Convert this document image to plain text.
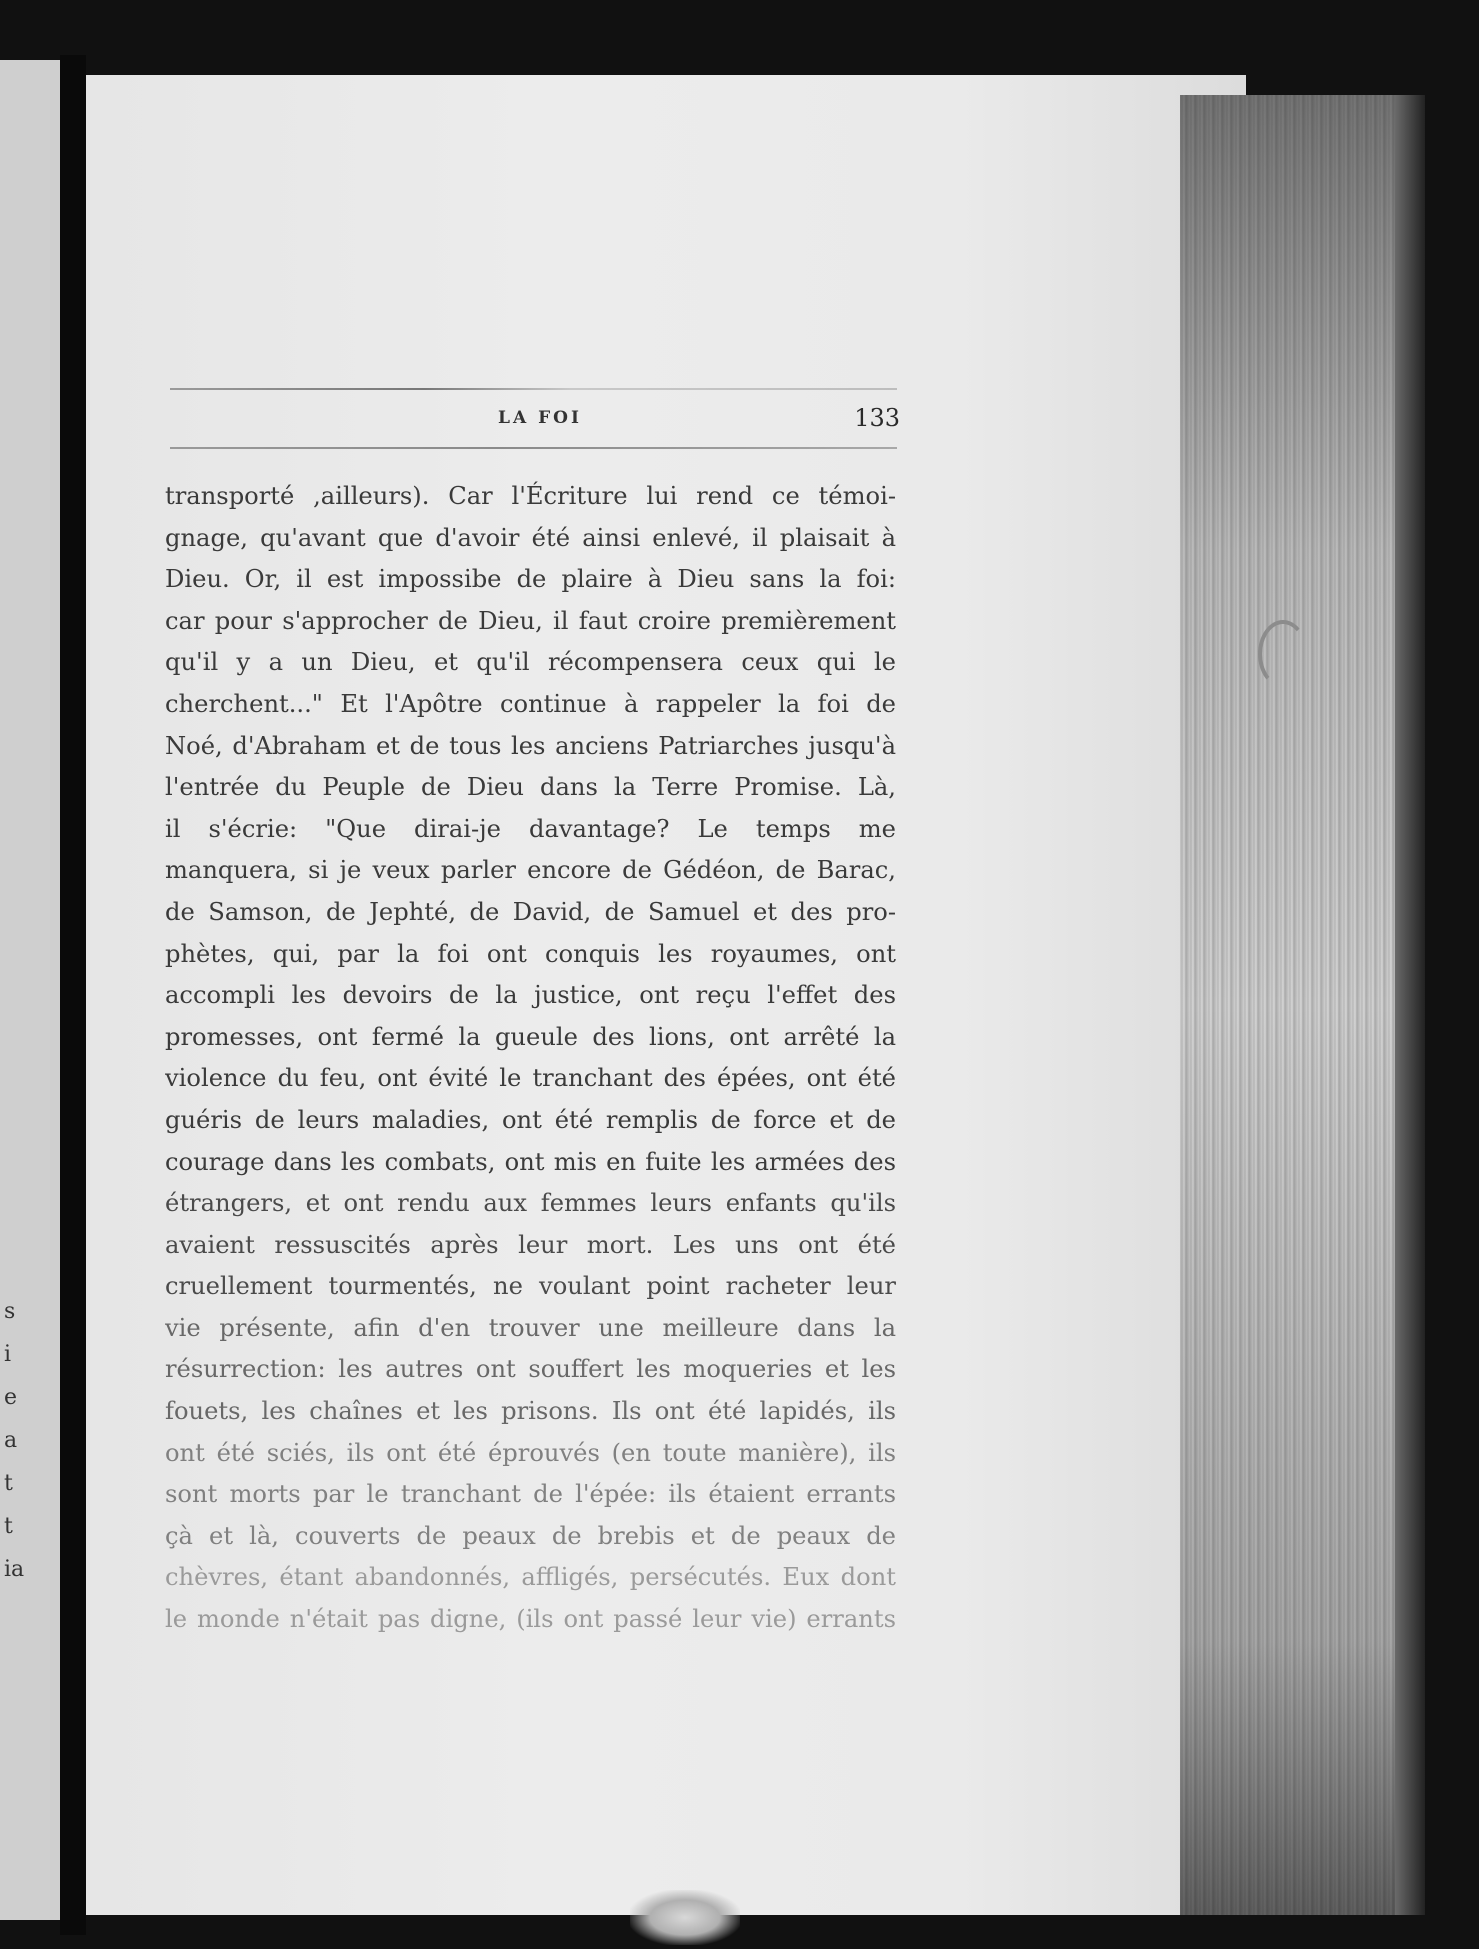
s
i
e
a
t
t
ia
LA FOI	133
transporté ,ailleurs). Car l'Écriture lui rend ce témoi-
gnage, qu'avant que d'avoir été ainsi enlevé, il plaisait à
Dieu. Or, il est impossibe de plaire à Dieu sans la foi:
car pour s'approcher de Dieu, il faut croire premièrement
qu'il y a un Dieu, et qu'il récompensera ceux qui le
cherchent..." Et l'Apôtre continue à rappeler la foi de
Noé, d'Abraham et de tous les anciens Patriarches jusqu'à
l'entrée du Peuple de Dieu dans la Terre Promise. Là,
il s'écrie: "Que dirai-je davantage? Le temps me
manquera, si je veux parler encore de Gédéon, de Barac,
de Samson, de Jephté, de David, de Samuel et des pro-
phètes, qui, par la foi ont conquis les royaumes, ont
accompli les devoirs de la justice, ont reçu l'effet des
promesses, ont fermé la gueule des lions, ont arrêté la
violence du feu, ont évité le tranchant des épées, ont été
guéris de leurs maladies, ont été remplis de force et de
courage dans les combats, ont mis en fuite les armées des
étrangers, et ont rendu aux femmes leurs enfants qu'ils
avaient ressuscités après leur mort. Les uns ont été
cruellement tourmentés, ne voulant point racheter leur
vie présente, afin d'en trouver une meilleure dans la
résurrection: les autres ont souffert les moqueries et les
fouets, les chaînes et les prisons. Ils ont été lapidés, ils
ont été sciés, ils ont été éprouvés (en toute manière), ils
sont morts par le tranchant de l'épée: ils étaient errants
çà et là, couverts de peaux de brebis et de peaux de
chèvres, étant abandonnés, affligés, persécutés. Eux dont
le monde n'était pas digne, (ils ont passé leur vie) errants
